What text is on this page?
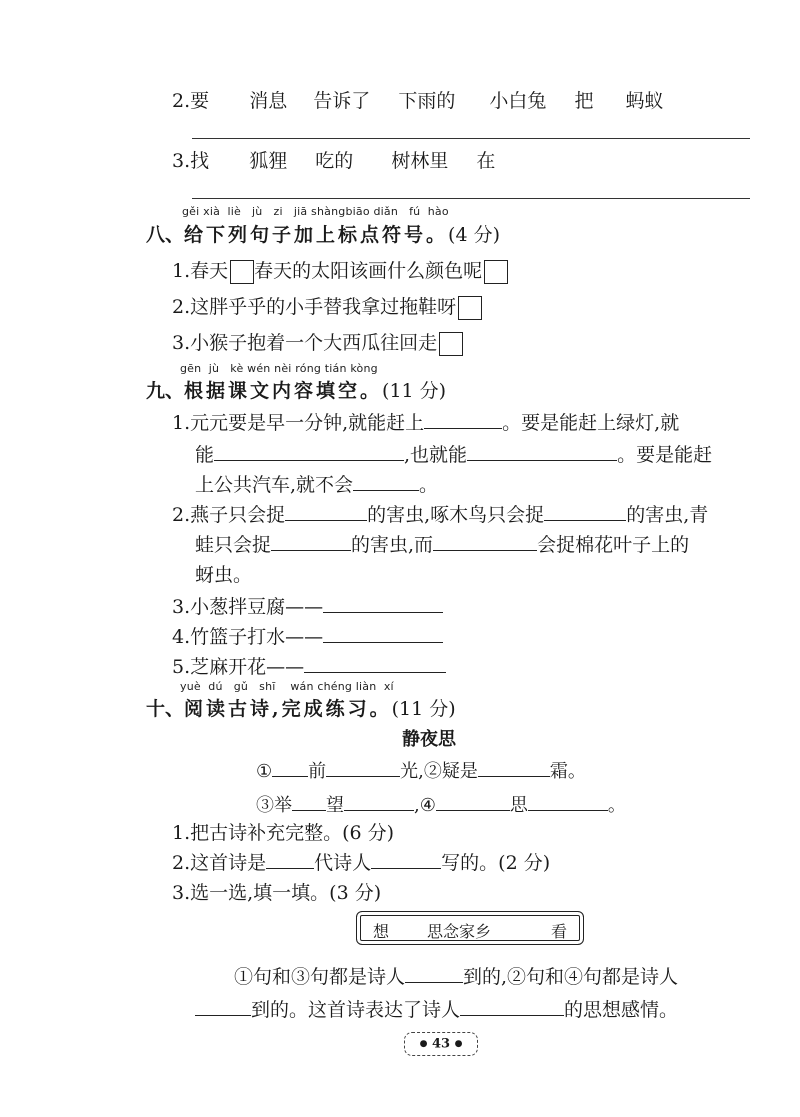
2.要 消息 告诉了 下雨的 小白兔 把 蚂蚁
3.找 狐狸 吃的 树林里 在
gěi xià liè jù zi jiā shàngbiāo diǎn fú hào
八、给下列句子加上标点符号。(4 分)
1.春天 春天的太阳该画什么颜色呢
2.这胖乎乎的小手替我拿过拖鞋呀
3.小猴子抱着一个大西瓜往回走
gēn jù kè wén nèi róng tián kòng
九、根据课文内容填空。(11 分)
1.元元要是早一分钟,就能赶上	。要是能赶上绿灯,就
能	,也就能	。要是能赶
上公共汽车,就不会	。
2.燕子只会捉	的害虫,啄木鸟只会捉	的害虫,青
蛙只会捉	的害虫,而	会捉棉花叶子上的
蚜虫。
3.小葱拌豆腐——
4.竹篮子打水——
5.芝麻开花——
yuè dú gǔ shī wán chéng liàn xí
十、阅读古诗,完成练习。(11 分)
静夜思
① 前	光,②疑是	霜。
③举 望	,④	思	。
1.把古诗补充完整。(6 分)
2.这首诗是	代诗人	写的。(2 分)
3.选一选,填一填。(3 分)
想 思念家乡	看
①句和③句都是诗人	到的,②句和④句都是诗人
到的。这首诗表达了诗人	的思想感情。
● 43 ●
